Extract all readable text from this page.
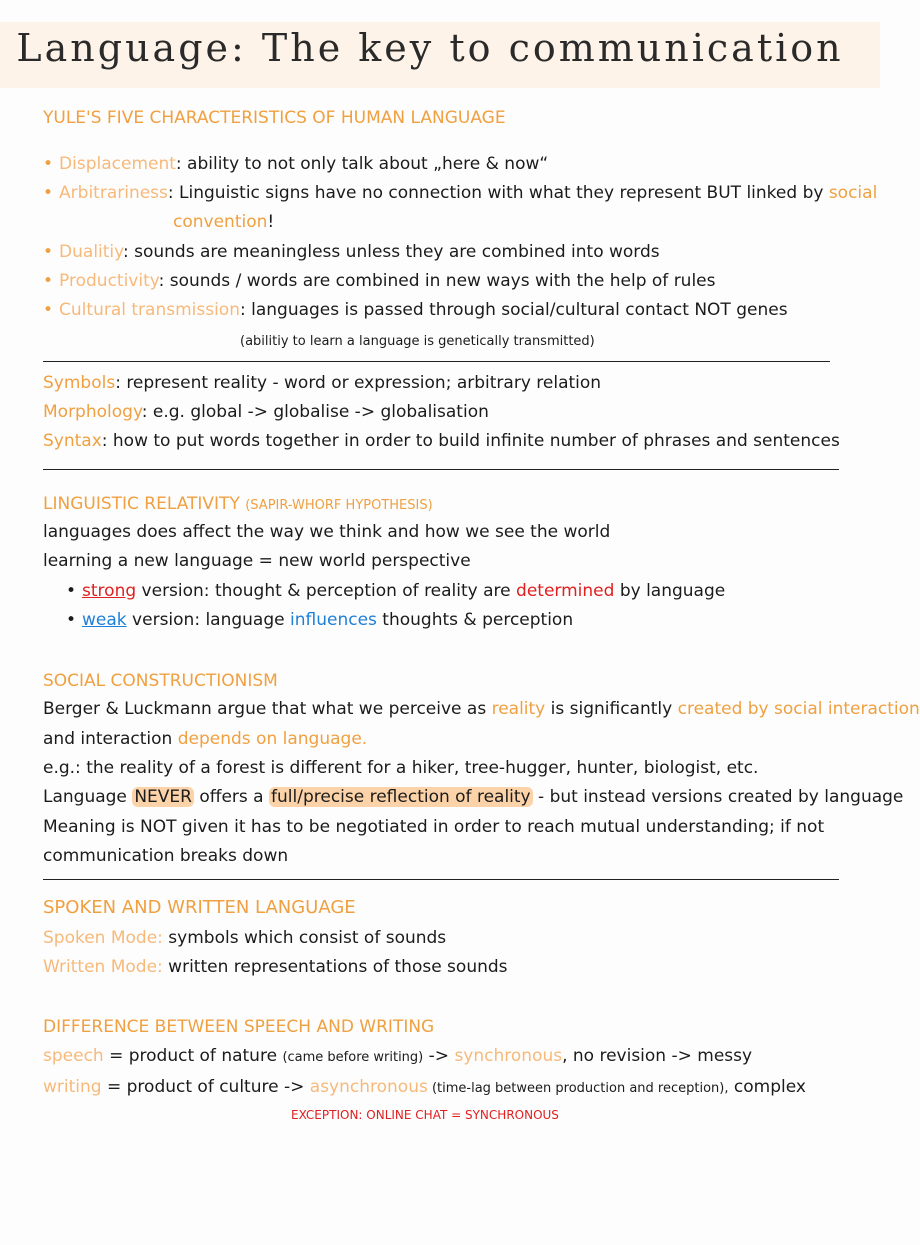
Language: The key to communication
YULE'S FIVE CHARACTERISTICS OF HUMAN LANGUAGE
• Displacement: ability to not only talk about „here & now“
• Arbitrariness: Linguistic signs have no connection with what they represent BUT linked by social
convention!
• Dualitiy: sounds are meaningless unless they are combined into words
• Productivity: sounds / words are combined in new ways with the help of rules
• Cultural transmission: languages is passed through social/cultural contact NOT genes
(abilitiy to learn a language is genetically transmitted)
Symbols: represent reality - word or expression; arbitrary relation
Morphology: e.g. global -> globalise -> globalisation
Syntax: how to put words together in order to build infinite number of phrases and sentences
LINGUISTIC RELATIVITY (SAPIR-WHORF HYPOTHESIS)
languages does affect the way we think and how we see the world
learning a new language = new world perspective
• strong version: thought & perception of reality are determined by language
• weak version: language influences thoughts & perception
SOCIAL CONSTRUCTIONISM
Berger & Luckmann argue that what we perceive as reality is significantly created by social interaction
and interaction depends on language.
e.g.: the reality of a forest is different for a hiker, tree-hugger, hunter, biologist, etc.
Language NEVER offers a full/precise reflection of reality - but instead versions created by language
Meaning is NOT given it has to be negotiated in order to reach mutual understanding; if not
communication breaks down
SPOKEN AND WRITTEN LANGUAGE
Spoken Mode: symbols which consist of sounds
Written Mode: written representations of those sounds
DIFFERENCE BETWEEN SPEECH AND WRITING
speech = product of nature (came before writing) -> synchronous, no revision -> messy
writing = product of culture -> asynchronous (time-lag between production and reception), complex
EXCEPTION: ONLINE CHAT = SYNCHRONOUS
